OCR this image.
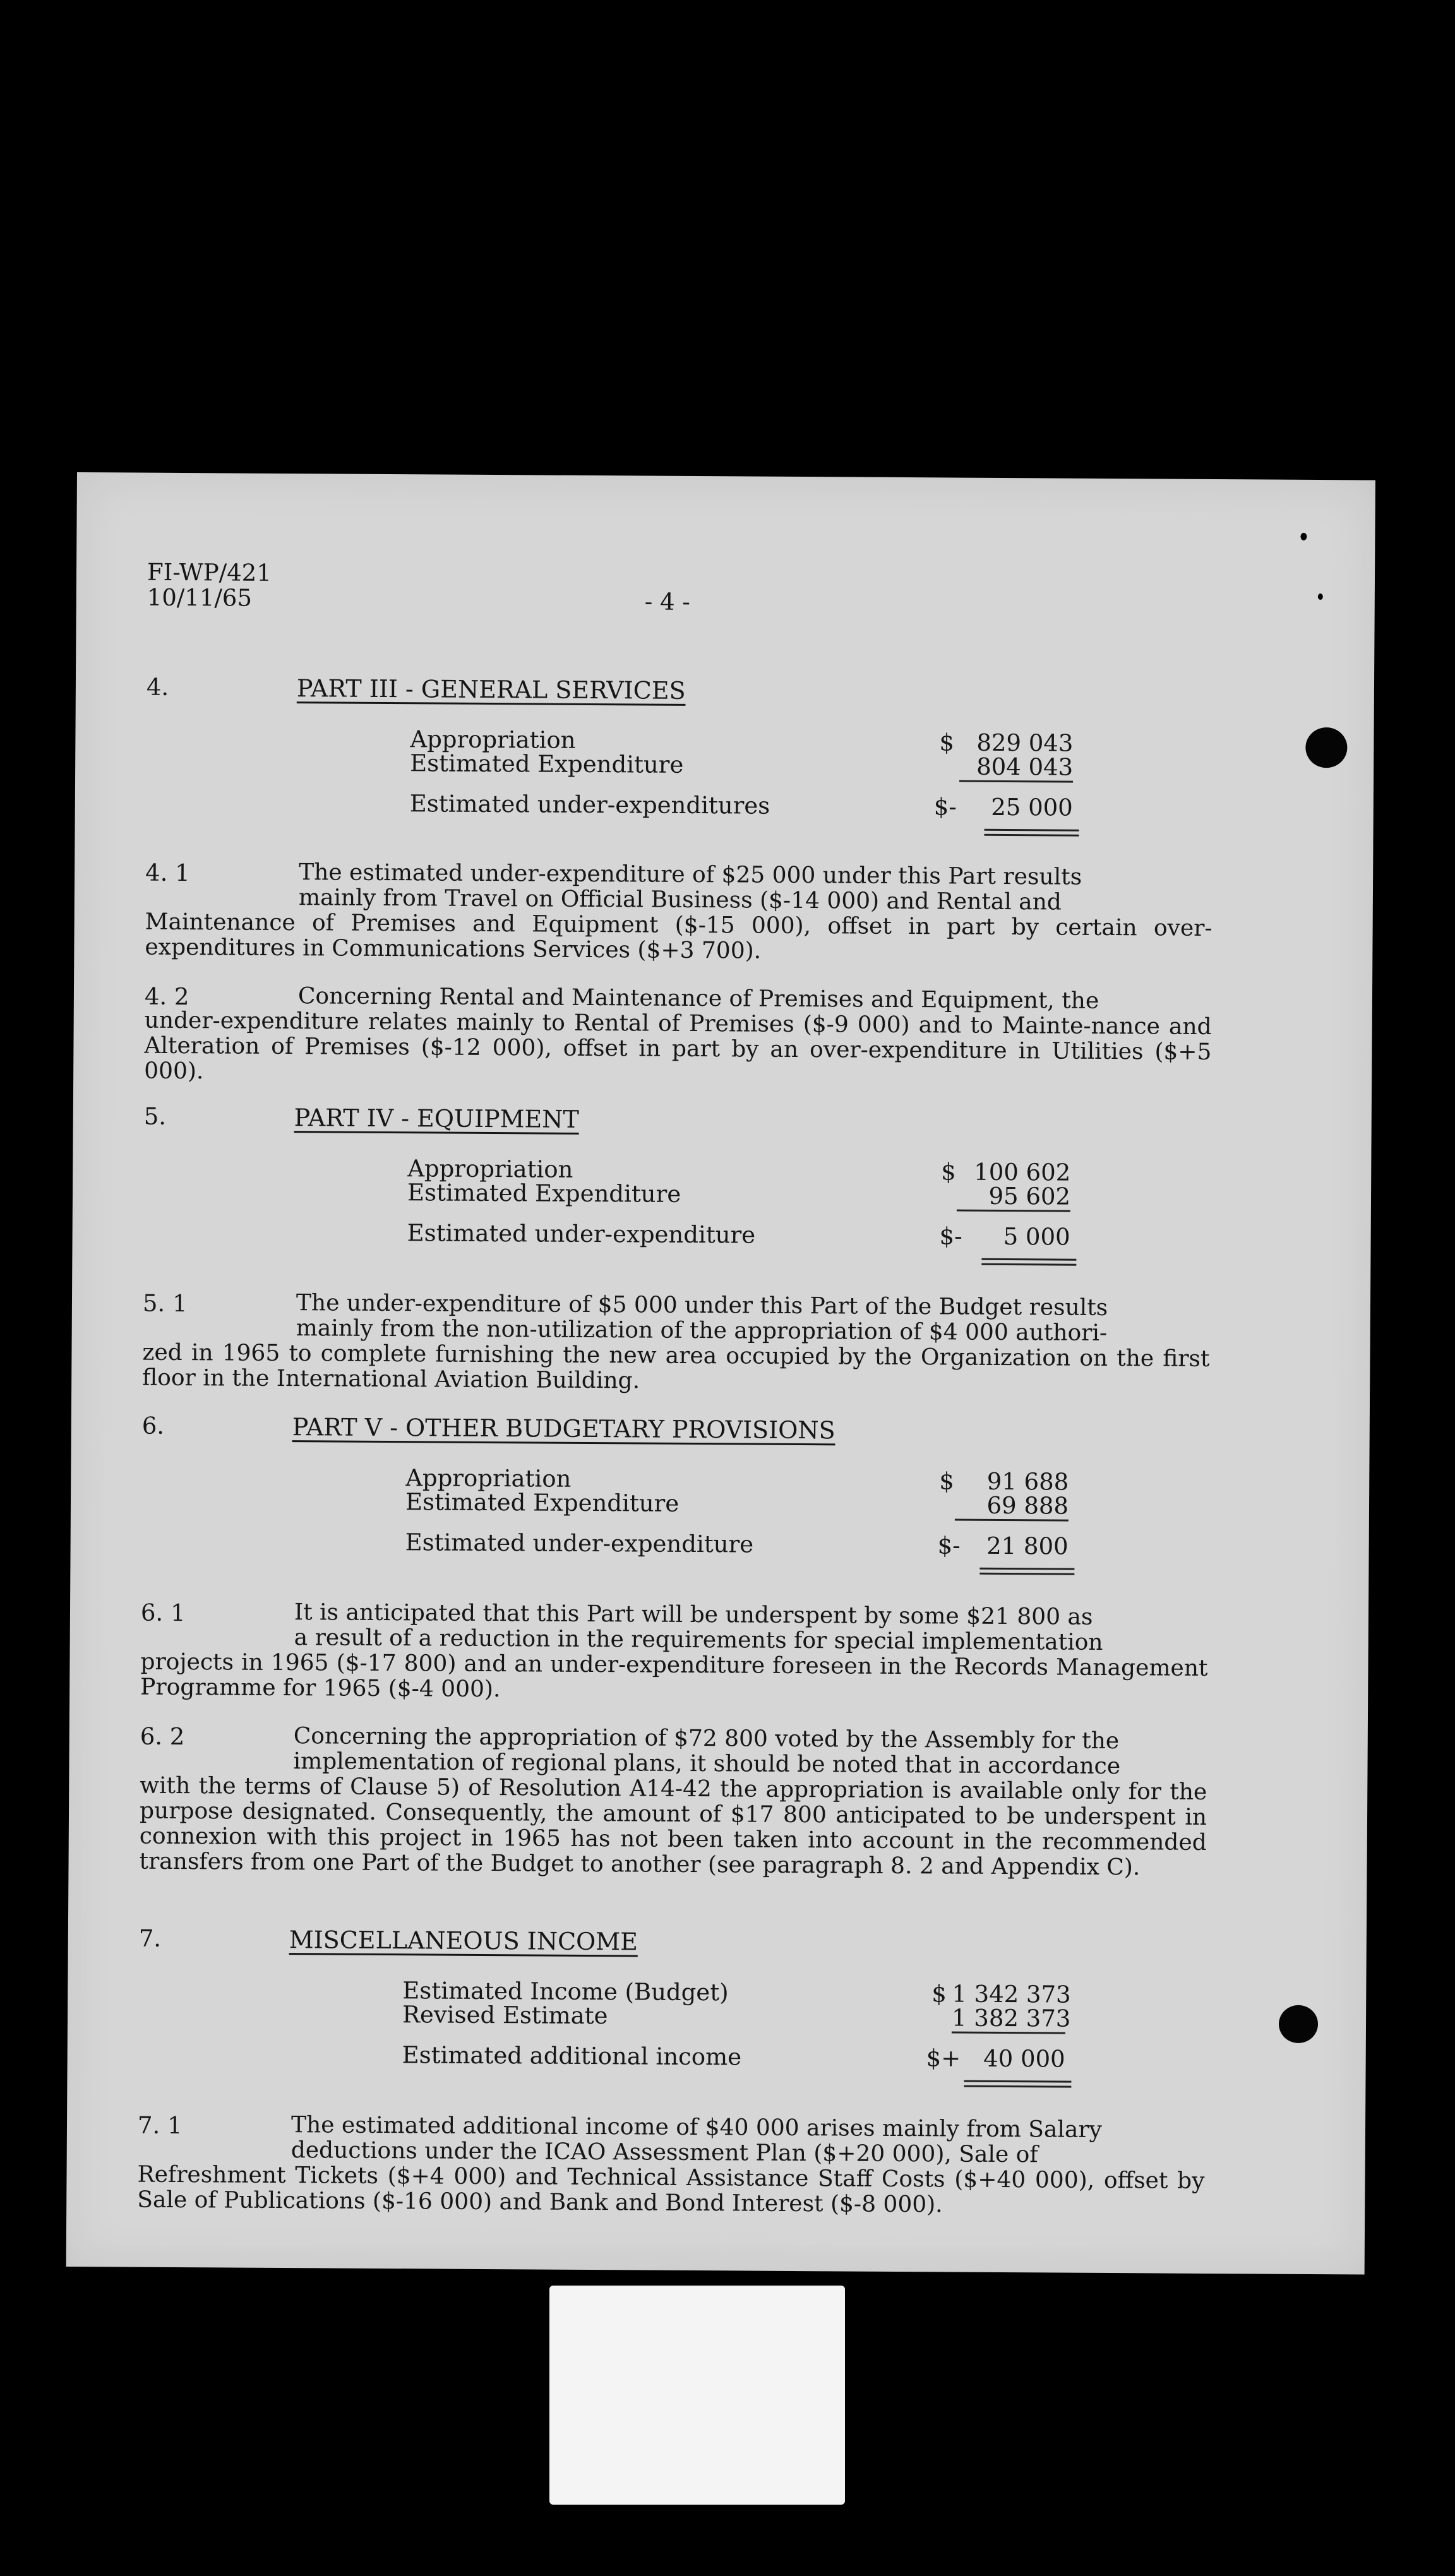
FI-WP/421
10/11/65	- 4 -
4.	PART III - GENERAL SERVICES
Appropriation	$ 829 043
Estimated Expenditure	804 043
Estimated under-expenditures	$-	25 000
4. 1	The estimated under-expenditure of $25 000 under this Part results
mainly from Travel on Official Business ($-14 000) and Rental and
Maintenance of Premises and Equipment ($-15 000), offset in part by certain over-expenditures in Communications Services ($+3 700).
4. 2	Concerning Rental and Maintenance of Premises and Equipment, the
under-expenditure relates mainly to Rental of Premises ($-9 000) and to Mainte-nance and Alteration of Premises ($-12 000), offset in part by an over-expenditure in Utilities ($+5 000).
5.	PART IV - EQUIPMENT
Appropriation	$ 100 602
Estimated Expenditure	95 602
Estimated under-expenditure	$-	5 000
5. 1	The under-expenditure of $5 000 under this Part of the Budget results
mainly from the non-utilization of the appropriation of $4 000 authori-
zed in 1965 to complete furnishing the new area occupied by the Organization on the first floor in the International Aviation Building.
6.	PART V - OTHER BUDGETARY PROVISIONS
Appropriation	$	91 688
Estimated Expenditure	69 888
Estimated under-expenditure	$-	21 800
6. 1	It is anticipated that this Part will be underspent by some $21 800 as
a result of a reduction in the requirements for special implementation
projects in 1965 ($-17 800) and an under-expenditure foreseen in the Records Management Programme for 1965 ($-4 000).
6. 2	Concerning the appropriation of $72 800 voted by the Assembly for the
implementation of regional plans, it should be noted that in accordance
with the terms of Clause 5) of Resolution A14-42 the appropriation is available only for the purpose designated. Consequently, the amount of $17 800 anticipated to be underspent in connexion with this project in 1965 has not been taken into account in the recommended transfers from one Part of the Budget to another (see paragraph 8. 2 and Appendix C).
7.	MISCELLANEOUS INCOME
Estimated Income (Budget)	$ 1 342 373
Revised Estimate	1 382 373
Estimated additional income	$+ 40 000
7. 1	The estimated additional income of $40 000 arises mainly from Salary
deductions under the ICAO Assessment Plan ($+20 000), Sale of
Refreshment Tickets ($+4 000) and Technical Assistance Staff Costs ($+40 000), offset by Sale of Publications ($-16 000) and Bank and Bond Interest ($-8 000).
